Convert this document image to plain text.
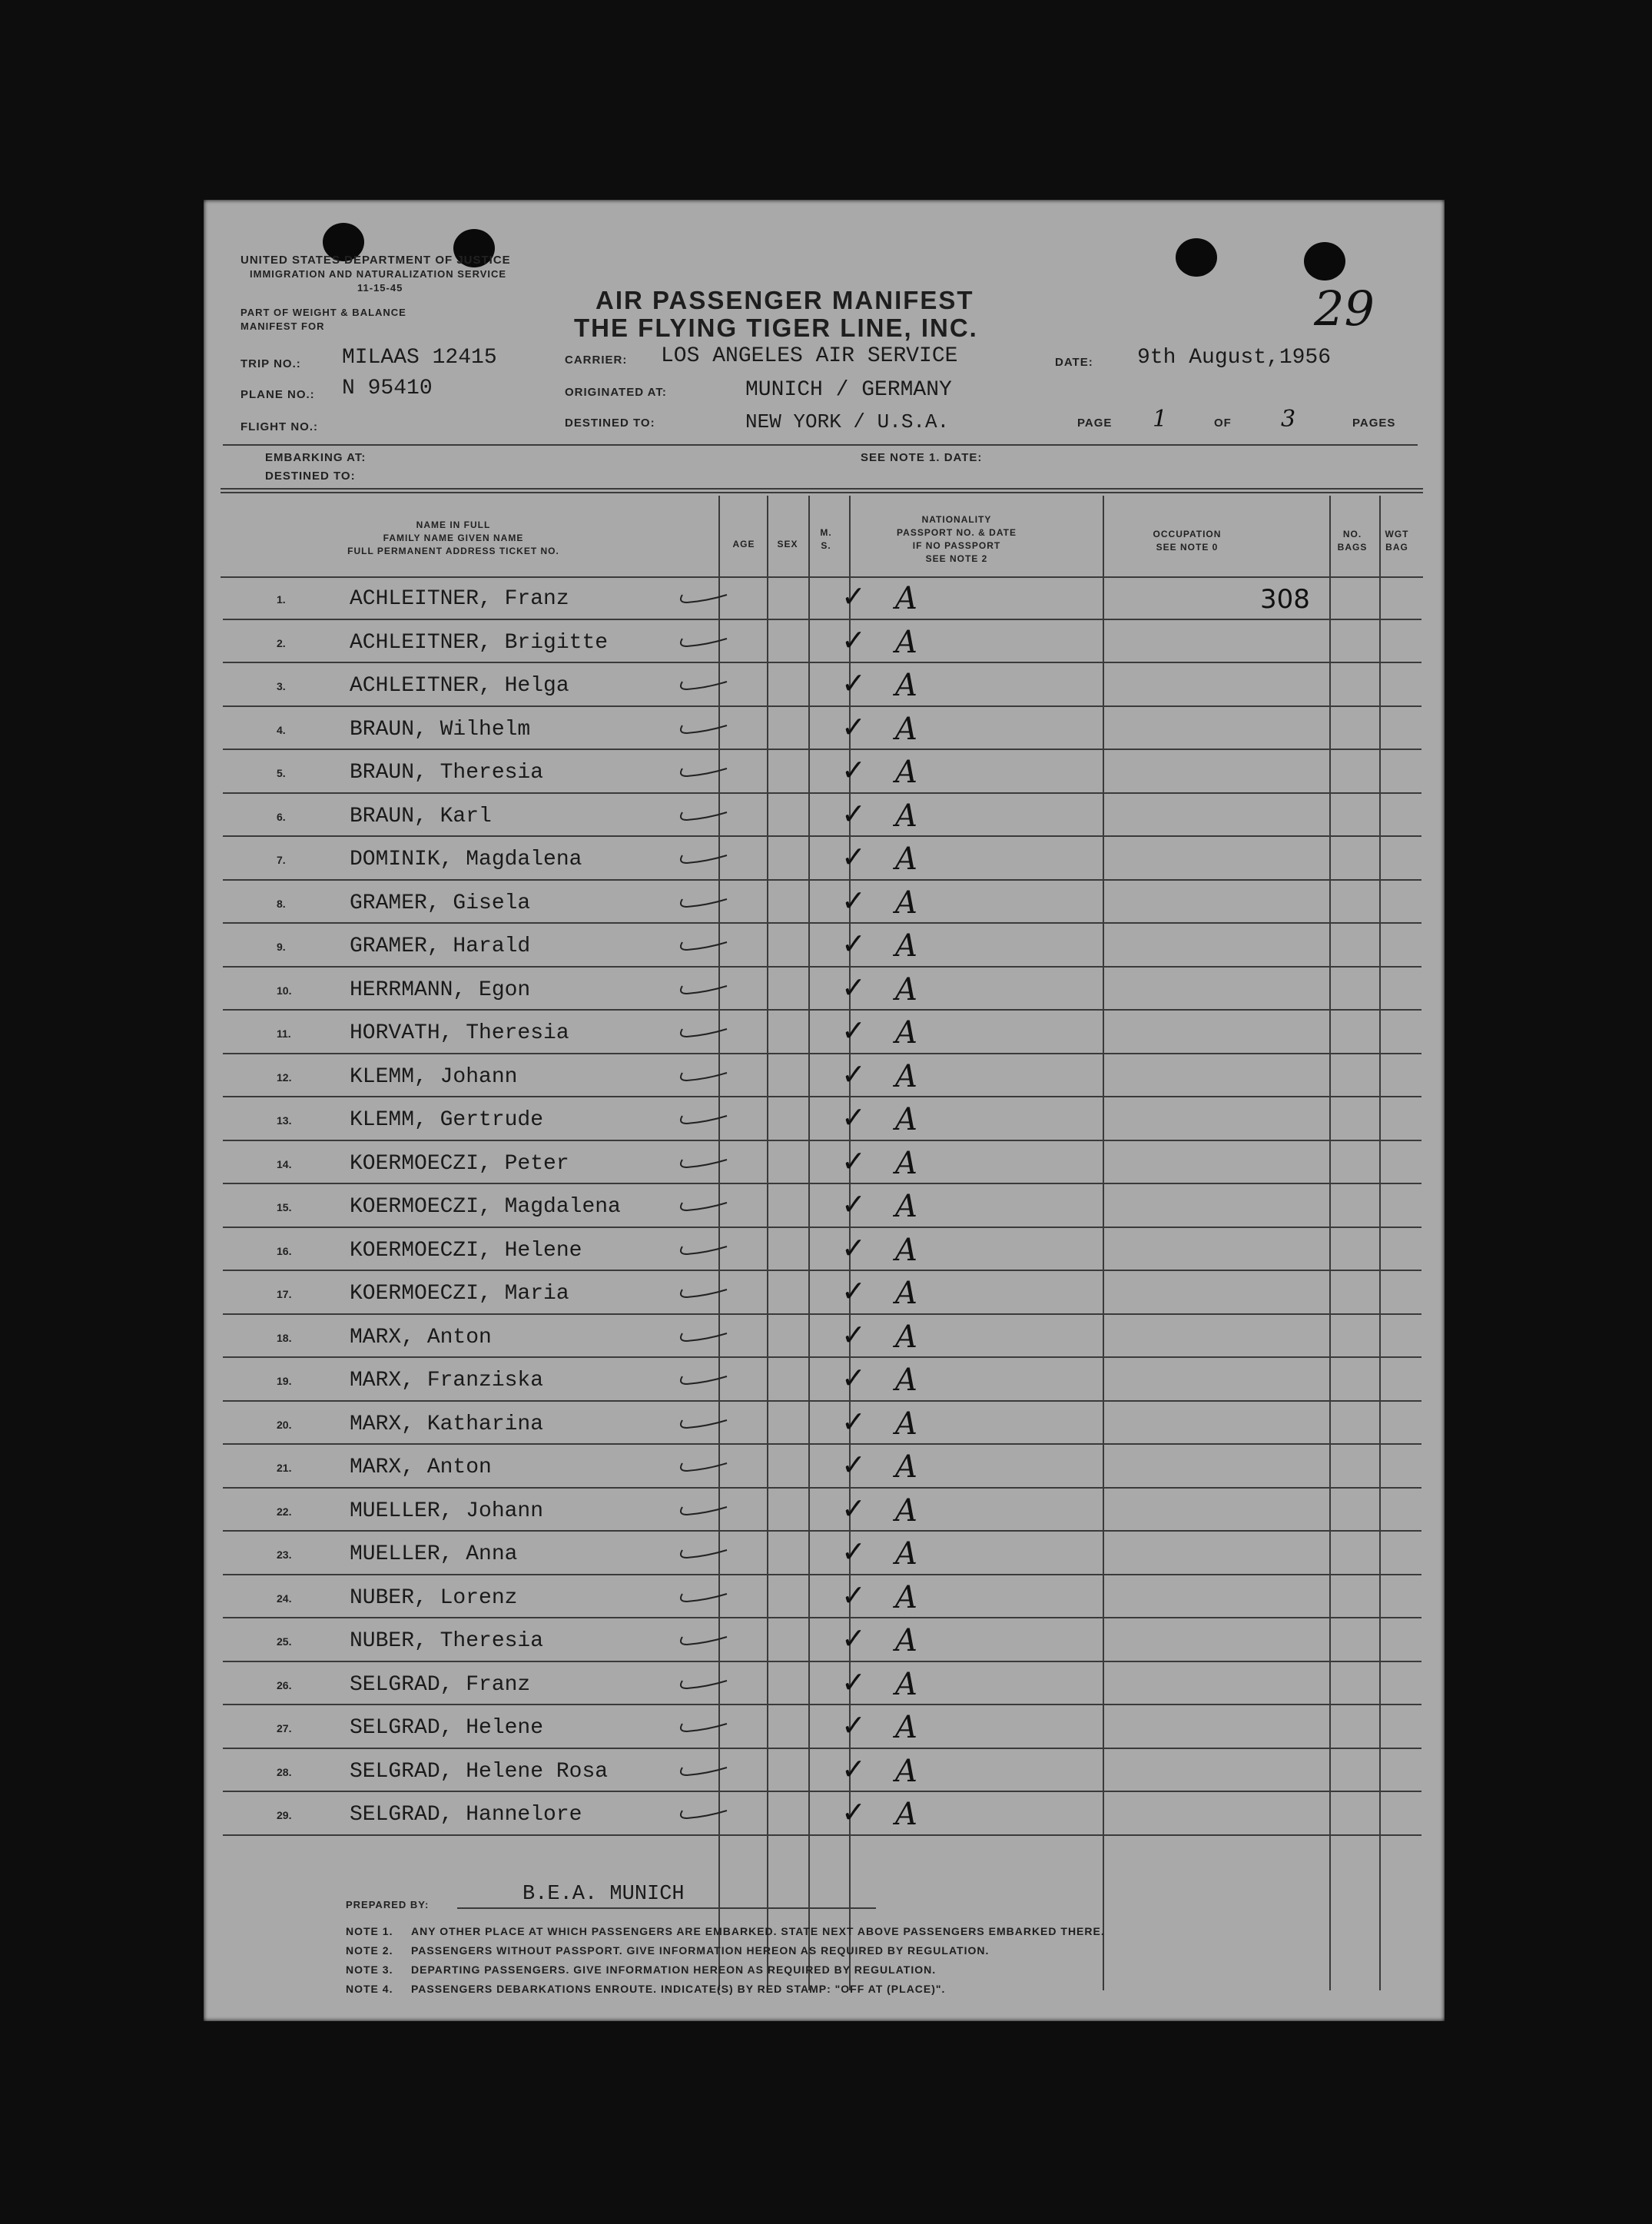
UNITED STATES DEPARTMENT OF JUSTICE
IMMIGRATION AND NATURALIZATION SERVICE
11-15-45
PART OF WEIGHT & BALANCE
MANIFEST FOR
AIR PASSENGER MANIFEST
THE FLYING TIGER LINE, INC.	29
TRIP NO.: MILAAS 12415
PLANE NO.: N 95410
FLIGHT NO.:
CARRIER: LOS ANGELES AIR SERVICE	DATE: 9th August,1956
ORIGINATED AT:	MUNICH / GERMANY
DESTINED TO:	NEW YORK / U.S.A.	PAGE 1	OF 3	PAGES
EMBARKING AT:
DESTINED TO:
SEE NOTE 1. DATE:
NAME IN FULL
FAMILY NAME GIVEN NAME
FULL PERMANENT ADDRESS TICKET NO.
AGE	SEX
M.
S.
NATIONALITY
PASSPORT NO. & DATE
IF NO PASSPORT
SEE NOTE 2
OCCUPATION
SEE NOTE 0
NO.
BAGS
WGT
BAG
1.	ACHLEITNER, Franz	✓ A	308
2.	ACHLEITNER, Brigitte	✓ A
3.	ACHLEITNER, Helga	✓ A
4.	BRAUN, Wilhelm	✓ A
5.	BRAUN, Theresia	✓ A
6.	BRAUN, Karl	✓ A
7.	DOMINIK, Magdalena	✓ A
8.	GRAMER, Gisela	✓ A
9.	GRAMER, Harald	✓ A
10.	HERRMANN, Egon	✓ A
11.	HORVATH, Theresia	✓ A
12.	KLEMM, Johann	✓ A
13.	KLEMM, Gertrude	✓ A
14.	KOERMOECZI, Peter	✓ A
15.	KOERMOECZI, Magdalena	✓ A
16.	KOERMOECZI, Helene	✓ A
17.	KOERMOECZI, Maria	✓ A
18.	MARX, Anton	✓ A
19.	MARX, Franziska	✓ A
20.	MARX, Katharina	✓ A
21.	MARX, Anton	✓ A
22.	MUELLER, Johann	✓ A
23.	MUELLER, Anna	✓ A
24.	NUBER, Lorenz	✓ A
25.	NUBER, Theresia	✓ A
26.	SELGRAD, Franz	✓ A
27.	SELGRAD, Helene	✓ A
28.	SELGRAD, Helene Rosa	✓ A
29.	SELGRAD, Hannelore	✓ A
PREPARED BY:	B.E.A. MUNICH
NOTE 1. ANY OTHER PLACE AT WHICH PASSENGERS ARE EMBARKED. STATE NEXT ABOVE PASSENGERS EMBARKED THERE.
NOTE 2. PASSENGERS WITHOUT PASSPORT. GIVE INFORMATION HEREON AS REQUIRED BY REGULATION.
NOTE 3. DEPARTING PASSENGERS. GIVE INFORMATION HEREON AS REQUIRED BY REGULATION.
NOTE 4. PASSENGERS DEBARKATIONS ENROUTE. INDICATE(S) BY RED STAMP: "OFF AT (PLACE)".
